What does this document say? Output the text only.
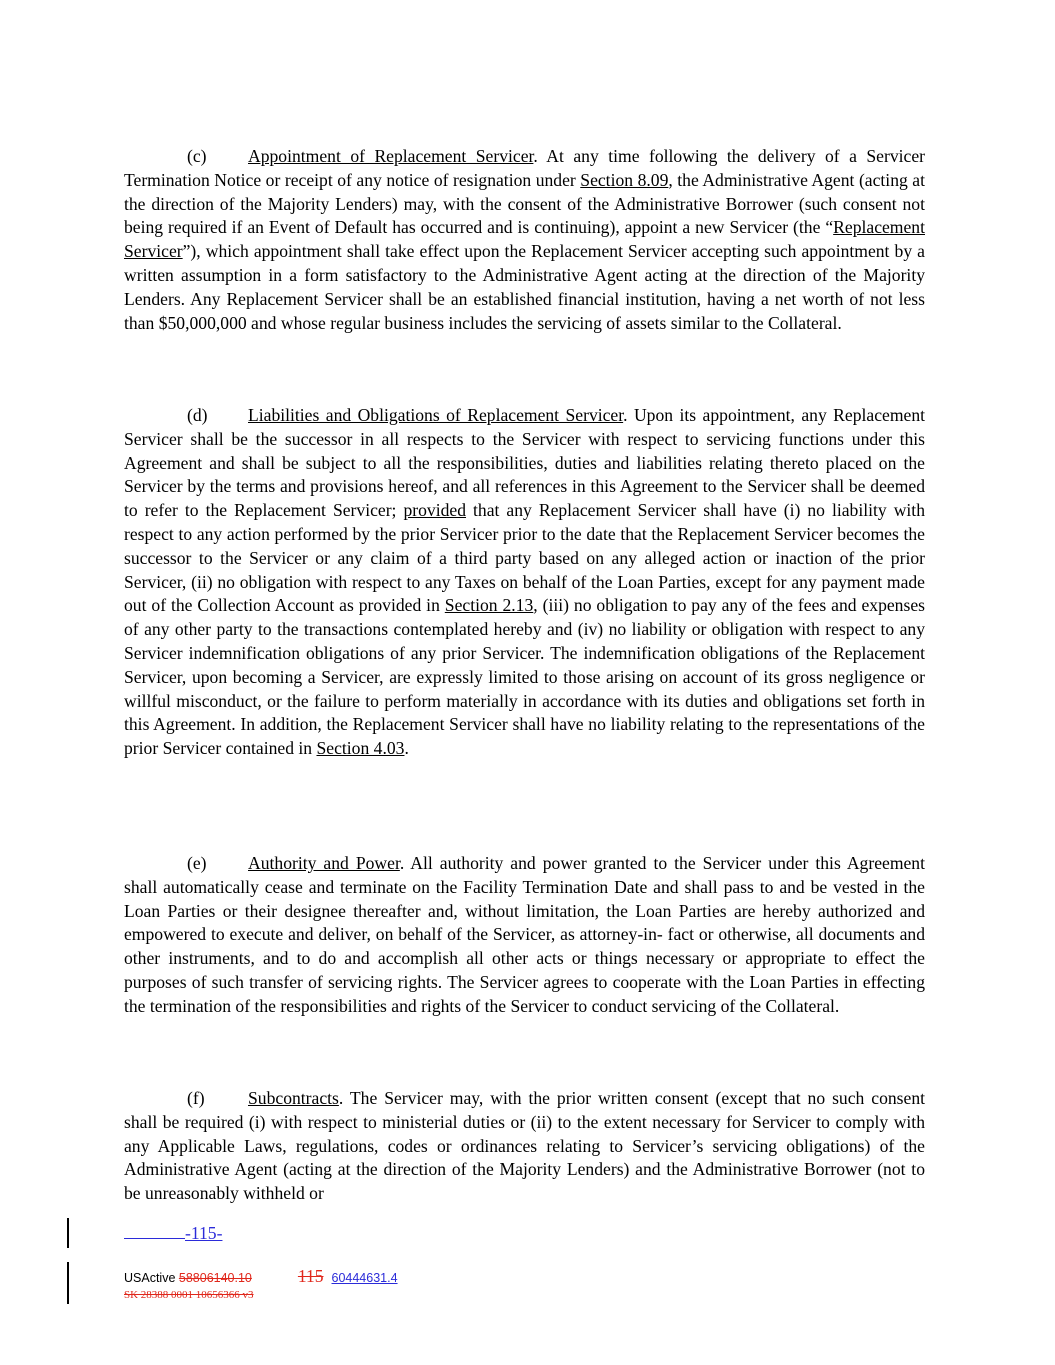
(c) Appointment of Replacement Servicer. At any time following the delivery of a Servicer Termination Notice or receipt of any notice of resignation under Section 8.09, the Administrative Agent (acting at the direction of the Majority Lenders) may, with the consent of the Administrative Borrower (such consent not being required if an Event of Default has occurred and is continuing), appoint a new Servicer (the “Replacement Servicer”), which appointment shall take effect upon the Replacement Servicer accepting such appointment by a written assumption in a form satisfactory to the Administrative Agent acting at the direction of the Majority Lenders. Any Replacement Servicer shall be an established financial institution, having a net worth of not less than $50,000,000 and whose regular business includes the servicing of assets similar to the Collateral.

(d) Liabilities and Obligations of Replacement Servicer. Upon its appointment, any Replacement Servicer shall be the successor in all respects to the Servicer with respect to servicing functions under this Agreement and shall be subject to all the responsibilities, duties and liabilities relating thereto placed on the Servicer by the terms and provisions hereof, and all references in this Agreement to the Servicer shall be deemed to refer to the Replacement Servicer; provided that any Replacement Servicer shall have (i) no liability with respect to any action performed by the prior Servicer prior to the date that the Replacement Servicer becomes the successor to the Servicer or any claim of a third party based on any alleged action or inaction of the prior Servicer, (ii) no obligation with respect to any Taxes on behalf of the Loan Parties, except for any payment made out of the Collection Account as provided in Section 2.13, (iii) no obligation to pay any of the fees and expenses of any other party to the transactions contemplated hereby and (iv) no liability or obligation with respect to any Servicer indemnification obligations of any prior Servicer. The indemnification obligations of the Replacement Servicer, upon becoming a Servicer, are expressly limited to those arising on account of its gross negligence or willful misconduct, or the failure to perform materially in accordance with its duties and obligations set forth in this Agreement. In addition, the Replacement Servicer shall have no liability relating to the representations of the prior Servicer contained in Section 4.03.

(e) Authority and Power. All authority and power granted to the Servicer under this Agreement shall automatically cease and terminate on the Facility Termination Date and shall pass to and be vested in the Loan Parties or their designee thereafter and, without limitation, the Loan Parties are hereby authorized and empowered to execute and deliver, on behalf of the Servicer, as attorney-in- fact or otherwise, all documents and other instruments, and to do and accomplish all other acts or things necessary or appropriate to effect the purposes of such transfer of servicing rights. The Servicer agrees to cooperate with the Loan Parties in effecting the termination of the responsibilities and rights of the Servicer to conduct servicing of the Collateral.

(f) Subcontracts. The Servicer may, with the prior written consent (except that no such consent shall be required (i) with respect to ministerial duties or (ii) to the extent necessary for Servicer to comply with any Applicable Laws, regulations, codes or ordinances relating to Servicer’s servicing obligations) of the Administrative Agent (acting at the direction of the Majority Lenders) and the Administrative Borrower (not to be unreasonably withheld or

-115-
USActive 58806140.10	115 60444631.4
SK 28388 0001 10656366 v3
